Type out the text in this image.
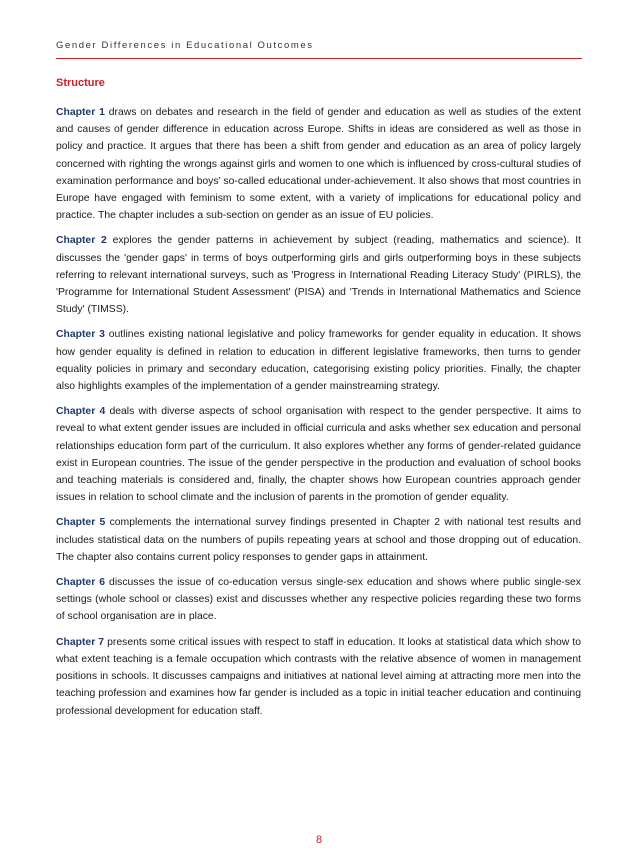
Gender Differences in Educational Outcomes
Structure

Chapter 1 draws on debates and research in the field of gender and education as well as studies of the extent and causes of gender difference in education across Europe. Shifts in ideas are considered as well as those in policy and practice. It argues that there has been a shift from gender and education as an area of policy largely concerned with righting the wrongs against girls and women to one which is influenced by cross-cultural studies of examination performance and boys’ so-called educational under-achievement. It also shows that most countries in Europe have engaged with feminism to some extent, with a variety of implications for educational policy and practice. The chapter includes a sub-section on gender as an issue of EU policies.

Chapter 2 explores the gender patterns in achievement by subject (reading, mathematics and science). It discusses the 'gender gaps' in terms of boys outperforming girls and girls outperforming boys in these subjects referring to relevant international surveys, such as 'Progress in International Reading Literacy Study' (PIRLS), the 'Programme for International Student Assessment' (PISA) and 'Trends in International Mathematics and Science Study' (TIMSS).

Chapter 3 outlines existing national legislative and policy frameworks for gender equality in education. It shows how gender equality is defined in relation to education in different legislative frameworks, then turns to gender equality policies in primary and secondary education, categorising existing policy priorities. Finally, the chapter also highlights examples of the implementation of a gender mainstreaming strategy.

Chapter 4 deals with diverse aspects of school organisation with respect to the gender perspective. It aims to reveal to what extent gender issues are included in official curricula and asks whether sex education and personal relationships education form part of the curriculum. It also explores whether any forms of gender-related guidance exist in European countries. The issue of the gender perspective in the production and evaluation of school books and teaching materials is considered and, finally, the chapter shows how European countries approach gender issues in relation to school climate and the inclusion of parents in the promotion of gender equality.

Chapter 5 complements the international survey findings presented in Chapter 2 with national test results and includes statistical data on the numbers of pupils repeating years at school and those dropping out of education. The chapter also contains current policy responses to gender gaps in attainment.

Chapter 6 discusses the issue of co-education versus single-sex education and shows where public single-sex settings (whole school or classes) exist and discusses whether any respective policies regarding these two forms of school organisation are in place.

Chapter 7 presents some critical issues with respect to staff in education. It looks at statistical data which show to what extent teaching is a female occupation which contrasts with the relative absence of women in management positions in schools. It discusses campaigns and initiatives at national level aiming at attracting more men into the teaching profession and examines how far gender is included as a topic in initial teacher education and continuing professional development for education staff.

8
